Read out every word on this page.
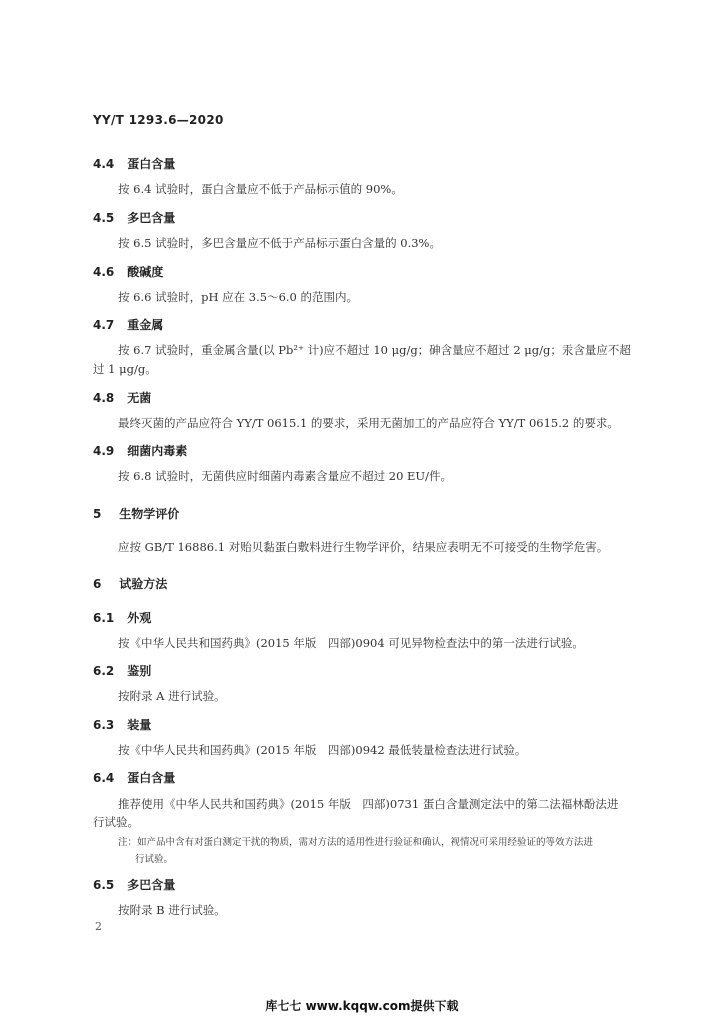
YY/T 1293.6—2020
4.4 蛋白含量
按 6.4 试验时，蛋白含量应不低于产品标示值的 90%。
4.5 多巴含量
按 6.5 试验时，多巴含量应不低于产品标示蛋白含量的 0.3%。
4.6 酸碱度
按 6.6 试验时，pH 应在 3.5～6.0 的范围内。
4.7 重金属
按 6.7 试验时，重金属含量(以 Pb²⁺ 计)应不超过 10 μg/g；砷含量应不超过 2 μg/g；汞含量应不超
过 1 μg/g。
4.8 无菌
最终灭菌的产品应符合 YY/T 0615.1 的要求，采用无菌加工的产品应符合 YY/T 0615.2 的要求。
4.9 细菌内毒素
按 6.8 试验时，无菌供应时细菌内毒素含量应不超过 20 EU/件。
5 生物学评价
应按 GB/T 16886.1 对贻贝黏蛋白敷料进行生物学评价，结果应表明无不可接受的生物学危害。
6 试验方法
6.1 外观
按《中华人民共和国药典》(2015 年版　四部)0904 可见异物检查法中的第一法进行试验。
6.2 鉴别
按附录 A 进行试验。
6.3 装量
按《中华人民共和国药典》(2015 年版　四部)0942 最低装量检查法进行试验。
6.4 蛋白含量
推荐使用《中华人民共和国药典》(2015 年版　四部)0731 蛋白含量测定法中的第二法福林酚法进
行试验。
注：如产品中含有对蛋白测定干扰的物质，需对方法的适用性进行验证和确认，视情况可采用经验证的等效方法进
行试验。
6.5 多巴含量
按附录 B 进行试验。
2
库七七 www.kqqw.com提供下载
